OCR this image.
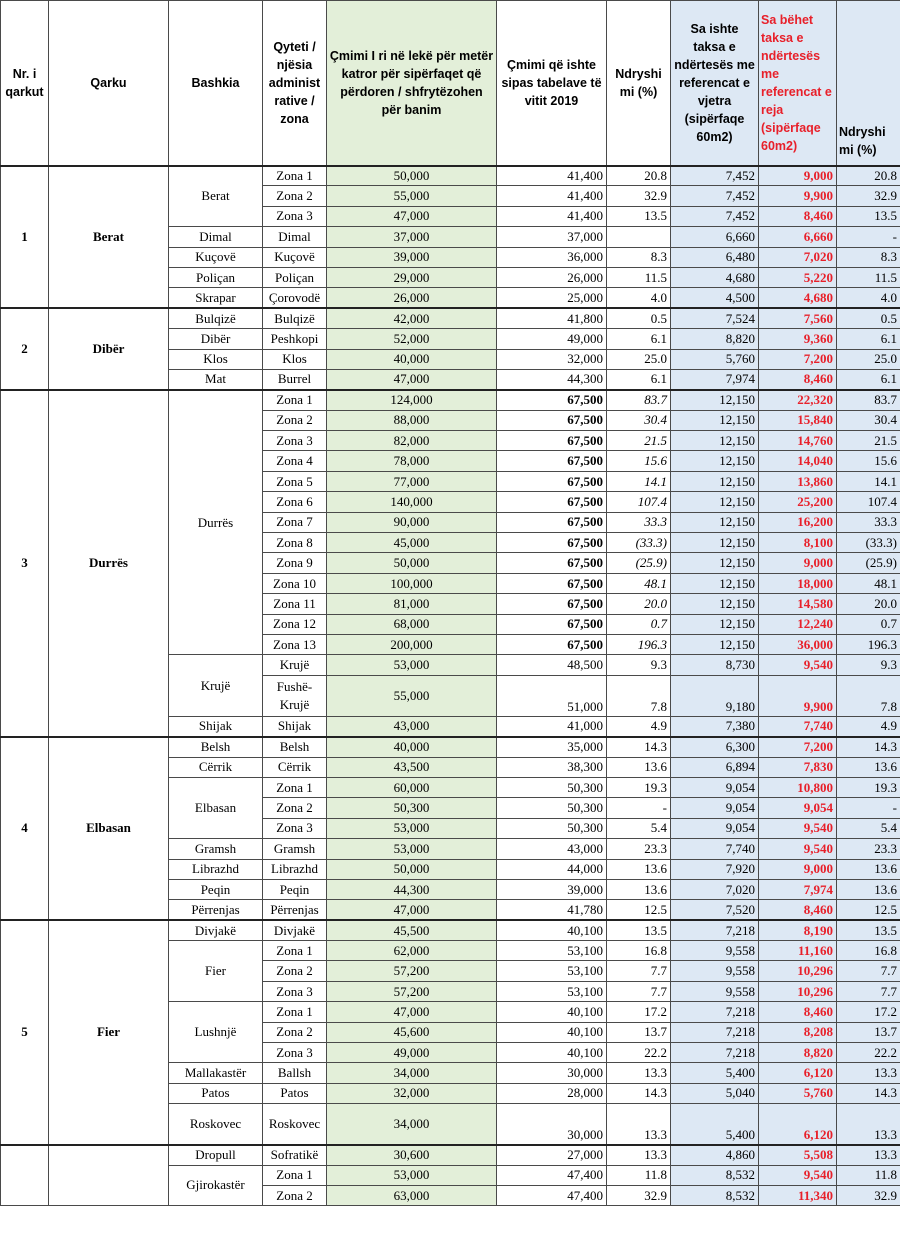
Nr. i qarkut	Qarku	Bashkia	Qyteti / njësia administ rative / zona	Çmimi I ri në lekë për metër katror për sipërfaqet që përdoren / shfrytëzohen për banim	Çmimi që ishte sipas tabelave të vitit 2019	Ndryshi mi (%)	Sa ishte taksa e ndërtesës me referencat e vjetra (sipërfaqe 60m2)	Sa bëhet taksa e ndërtesës me referencat e reja (sipërfaqe 60m2)	Ndryshi mi (%)
1	Berat	Berat	Zona 1	50,000	41,400	20.8	7,452	9,000	20.8
			Zona 2	55,000	41,400	32.9	7,452	9,900	32.9
			Zona 3	47,000	41,400	13.5	7,452	8,460	13.5
		Dimal	Dimal	37,000	37,000		6,660	6,660	-
		Kuçovë	Kuçovë	39,000	36,000	8.3	6,480	7,020	8.3
		Poliçan	Poliçan	29,000	26,000	11.5	4,680	5,220	11.5
		Skrapar	Çorovodë	26,000	25,000	4.0	4,500	4,680	4.0
2	Dibër	Bulqizë	Bulqizë	42,000	41,800	0.5	7,524	7,560	0.5
		Dibër	Peshkopi	52,000	49,000	6.1	8,820	9,360	6.1
		Klos	Klos	40,000	32,000	25.0	5,760	7,200	25.0
		Mat	Burrel	47,000	44,300	6.1	7,974	8,460	6.1
3	Durrës	Durrës	Zona 1	124,000	67,500	83.7	12,150	22,320	83.7
			Zona 2	88,000	67,500	30.4	12,150	15,840	30.4
			Zona 3	82,000	67,500	21.5	12,150	14,760	21.5
			Zona 4	78,000	67,500	15.6	12,150	14,040	15.6
			Zona 5	77,000	67,500	14.1	12,150	13,860	14.1
			Zona 6	140,000	67,500	107.4	12,150	25,200	107.4
			Zona 7	90,000	67,500	33.3	12,150	16,200	33.3
			Zona 8	45,000	67,500	(33.3)	12,150	8,100	(33.3)
			Zona 9	50,000	67,500	(25.9)	12,150	9,000	(25.9)
			Zona 10	100,000	67,500	48.1	12,150	18,000	48.1
			Zona 11	81,000	67,500	20.0	12,150	14,580	20.0
			Zona 12	68,000	67,500	0.7	12,150	12,240	0.7
			Zona 13	200,000	67,500	196.3	12,150	36,000	196.3
		Krujë	Krujë	53,000	48,500	9.3	8,730	9,540	9.3
			Fushë-Krujë	55,000	51,000	7.8	9,180	9,900	7.8
		Shijak	Shijak	43,000	41,000	4.9	7,380	7,740	4.9
4	Elbasan	Belsh	Belsh	40,000	35,000	14.3	6,300	7,200	14.3
		Cërrik	Cërrik	43,500	38,300	13.6	6,894	7,830	13.6
		Elbasan	Zona 1	60,000	50,300	19.3	9,054	10,800	19.3
			Zona 2	50,300	50,300	-	9,054	9,054	-
			Zona 3	53,000	50,300	5.4	9,054	9,540	5.4
		Gramsh	Gramsh	53,000	43,000	23.3	7,740	9,540	23.3
		Librazhd	Librazhd	50,000	44,000	13.6	7,920	9,000	13.6
		Peqin	Peqin	44,300	39,000	13.6	7,020	7,974	13.6
		Përrenjas	Përrenjas	47,000	41,780	12.5	7,520	8,460	12.5
5	Fier	Divjakë	Divjakë	45,500	40,100	13.5	7,218	8,190	13.5
		Fier	Zona 1	62,000	53,100	16.8	9,558	11,160	16.8
			Zona 2	57,200	53,100	7.7	9,558	10,296	7.7
			Zona 3	57,200	53,100	7.7	9,558	10,296	7.7
		Lushnjë	Zona 1	47,000	40,100	17.2	7,218	8,460	17.2
			Zona 2	45,600	40,100	13.7	7,218	8,208	13.7
			Zona 3	49,000	40,100	22.2	7,218	8,820	22.2
		Mallakastër	Ballsh	34,000	30,000	13.3	5,400	6,120	13.3
		Patos	Patos	32,000	28,000	14.3	5,040	5,760	14.3
		Roskovec	Roskovec	34,000	30,000	13.3	5,400	6,120	13.3
		Dropull	Sofratikë	30,600	27,000	13.3	4,860	5,508	13.3
		Gjirokastër	Zona 1	53,000	47,400	11.8	8,532	9,540	11.8
			Zona 2	63,000	47,400	32.9	8,532	11,340	32.9
